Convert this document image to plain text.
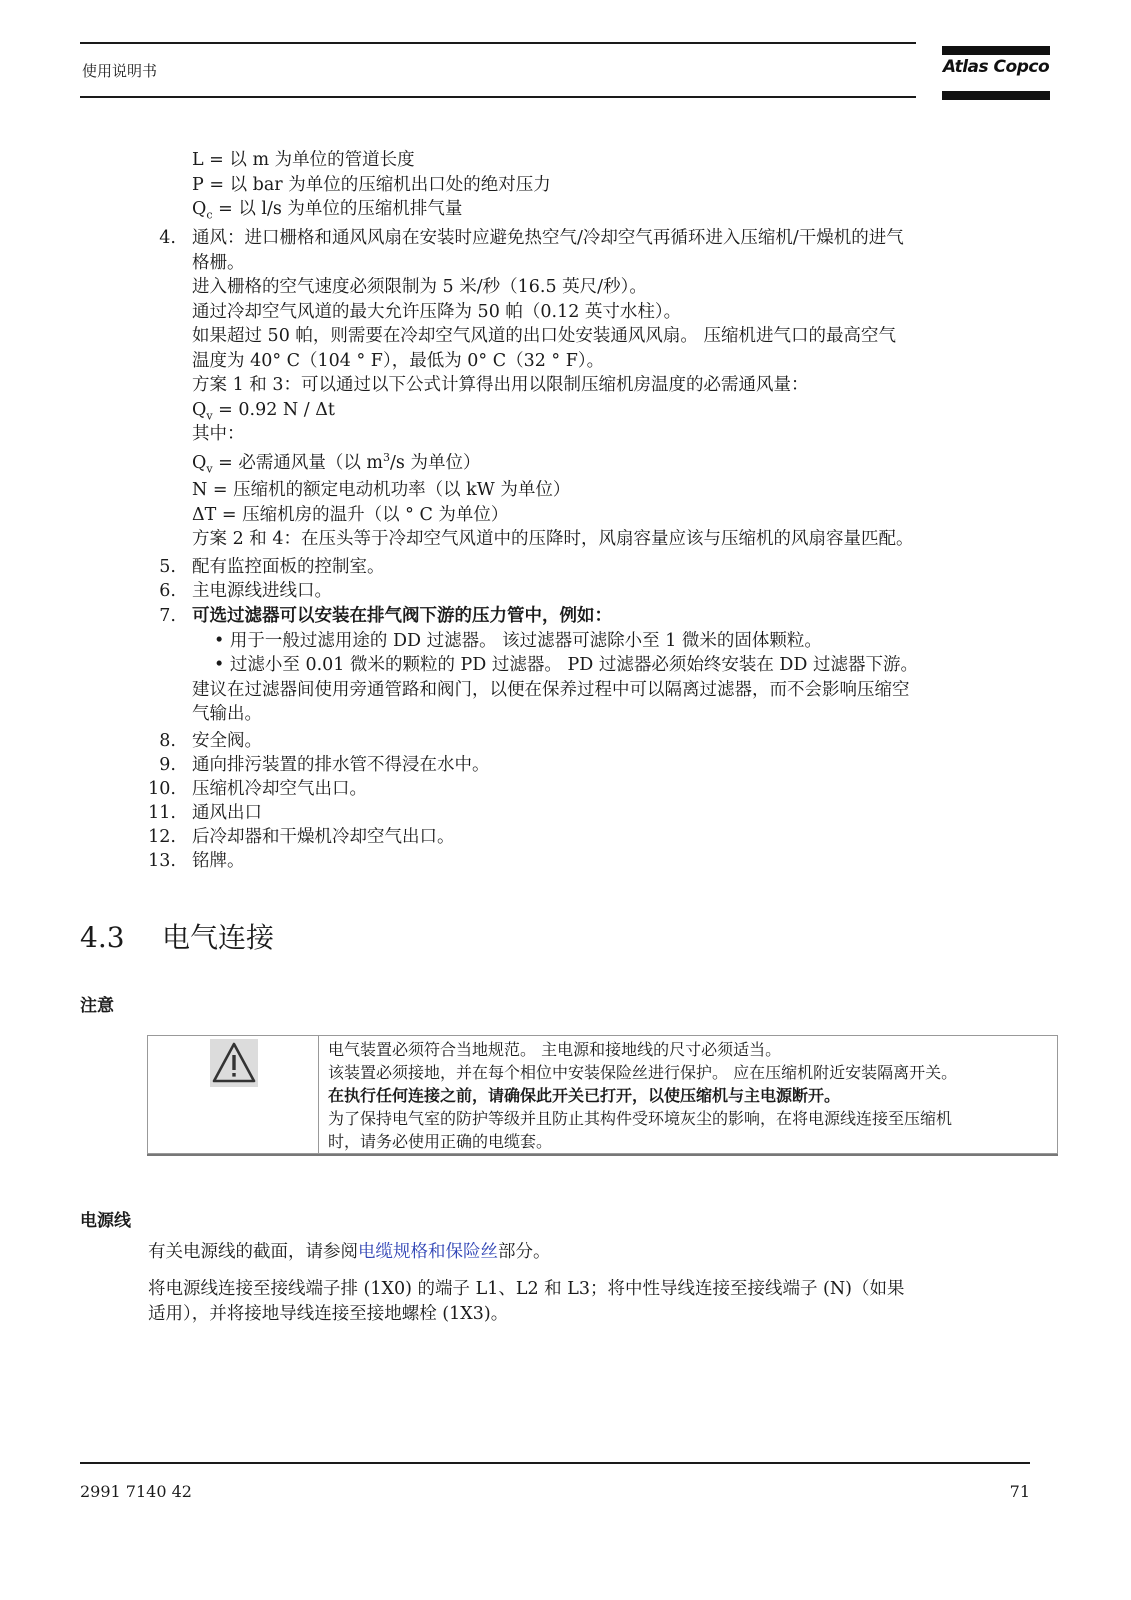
使用说明书	Atlas Copco
L = 以 m 为单位的管道长度
P = 以 bar 为单位的压缩机出口处的绝对压力
$Q_c$ = 以 l/s 为单位的压缩机排气量
4. 通风：进口栅格和通风风扇在安装时应避免热空气/冷却空气再循环进入压缩机/干燥机的进气
格栅。
进入栅格的空气速度必须限制为 5 米/秒（16.5 英尺/秒）。
通过冷却空气风道的最大允许压降为 50 帕（0.12 英寸水柱）。
如果超过 50 帕，则需要在冷却空气风道的出口处安装通风风扇。 压缩机进气口的最高空气
温度为 40° C（104 ° F），最低为 0° C（32 ° F）。
方案 1 和 3：可以通过以下公式计算得出用以限制压缩机房温度的必需通风量：
$Q_v = 0.92$ N / Δt
其中：
$Q_v$ = 必需通风量（以 $m^3/s$ 为单位）
N = 压缩机的额定电动机功率（以 kW 为单位）
ΔT = 压缩机房的温升（以 ° C 为单位）
方案 2 和 4：在压头等于冷却空气风道中的压降时，风扇容量应该与压缩机的风扇容量匹配。
5. 配有监控面板的控制室。
6. 主电源线进线口。
7. 可选过滤器可以安装在排气阀下游的压力管中，例如：
• 用于一般过滤用途的 DD 过滤器。 该过滤器可滤除小至 1 微米的固体颗粒。
• 过滤小至 0.01 微米的颗粒的 PD 过滤器。 PD 过滤器必须始终安装在 DD 过滤器下游。
建议在过滤器间使用旁通管路和阀门，以便在保养过程中可以隔离过滤器，而不会影响压缩空
气输出。
8. 安全阀。
9. 通向排污装置的排水管不得浸在水中。
10. 压缩机冷却空气出口。
11. 通风出口
12. 后冷却器和干燥机冷却空气出口。
13. 铭牌。
4.3 电气连接
注意
电气装置必须符合当地规范。 主电源和接地线的尺寸必须适当。
该装置必须接地，并在每个相位中安装保险丝进行保护。 应在压缩机附近安装隔离开关。
在执行任何连接之前，请确保此开关已打开，以使压缩机与主电源断开。
为了保持电气室的防护等级并且防止其构件受环境灰尘的影响，在将电源线连接至压缩机
时，请务必使用正确的电缆套。
电源线
有关电源线的截面，请参阅电缆规格和保险丝部分。
将电源线连接至接线端子排 (1X0) 的端子 L1、L2 和 L3；将中性导线连接至接线端子 (N)（如果
适用），并将接地导线连接至接地螺栓 (1X3)。
2991 7140 42	71
